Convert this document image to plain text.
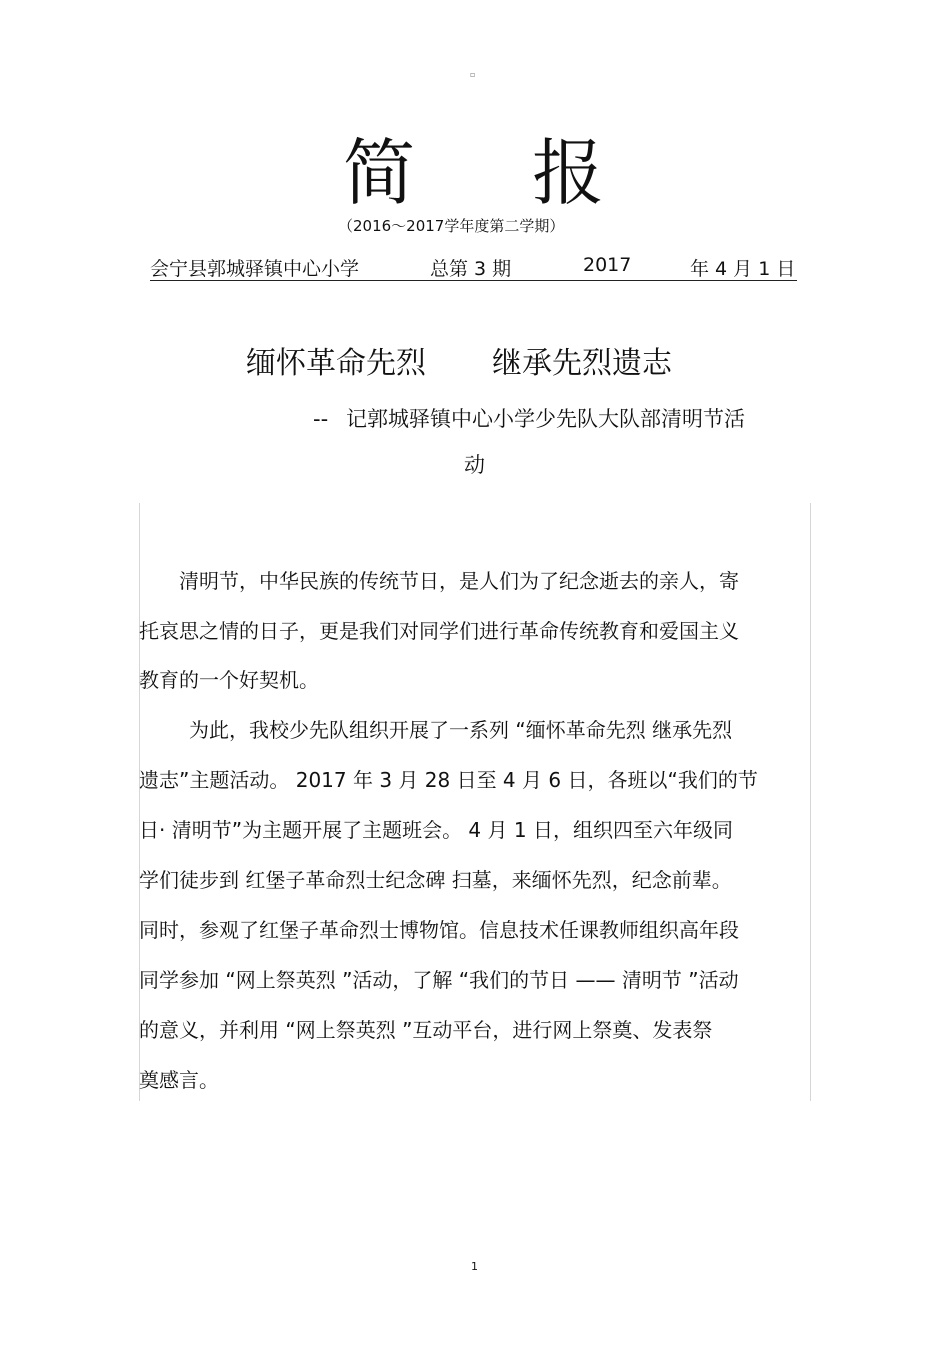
▫
简 报
（2016～2017学年度第二学期）
会宁县郭城驿镇中心小学	总第 3 期	2017	年 4 月 1 日
缅怀革命先烈 继承先烈遗志
-- 记郭城驿镇中心小学少先队大队部清明节活
动
清明节，中华民族的传统节日，是人们为了纪念逝去的亲人，寄
托哀思之情的日子，更是我们对同学们进行革命传统教育和爱国主义
教育的一个好契机。
为此，我校少先队组织开展了一系列 “缅怀革命先烈 继承先烈
遗志”主题活动。 2017 年 3 月 28 日至 4 月 6 日，各班以“我们的节
日· 清明节”为主题开展了主题班会。 4 月 1 日，组织四至六年级同
学们徒步到 红堡子革命烈士纪念碑 扫墓，来缅怀先烈，纪念前辈。
同时，参观了红堡子革命烈士博物馆。信息技术任课教师组织高年段
同学参加 “网上祭英烈 ”活动，了解 “我们的节日 —— 清明节 ”活动
的意义，并利用 “网上祭英烈 ”互动平台，进行网上祭奠、发表祭
奠感言。
1
